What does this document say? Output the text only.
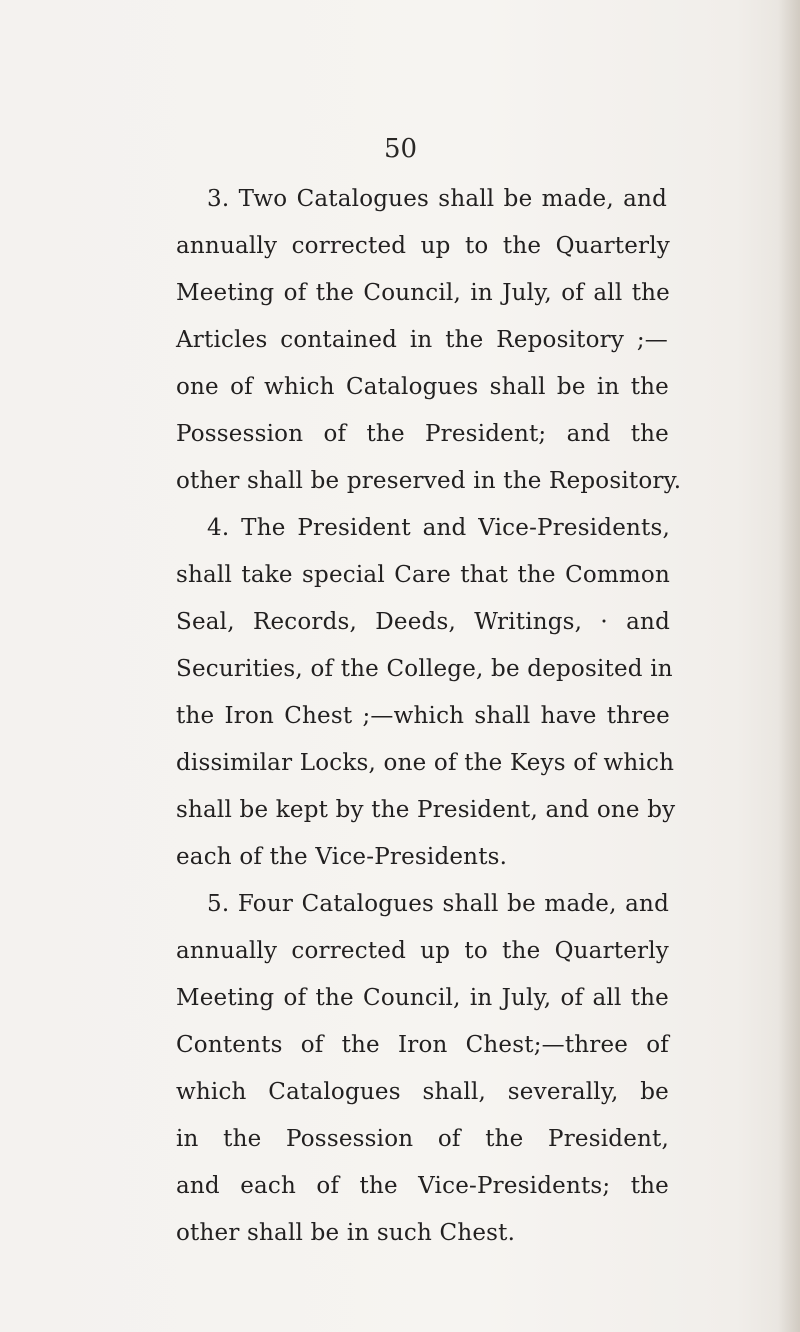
50
3. Two Catalogues shall be made, and
annually corrected up to the Quarterly
Meeting of the Council, in July, of all the
Articles contained in the Repository ;—
one of which Catalogues shall be in the
Possession of the President; and the
other shall be preserved in the Repository.
4. The President and Vice-Presidents,
shall take special Care that the Common
Seal, Records, Deeds, Writings, · and
Securities, of the College, be deposited in
the Iron Chest ;—which shall have three
dissimilar Locks, one of the Keys of which
shall be kept by the President, and one by
each of the Vice-Presidents.
5. Four Catalogues shall be made, and
annually corrected up to the Quarterly
Meeting of the Council, in July, of all the
Contents of the Iron Chest;—three of
which Catalogues shall, severally, be
in the Possession of the President,
and each of the Vice-Presidents; the
other shall be in such Chest.
